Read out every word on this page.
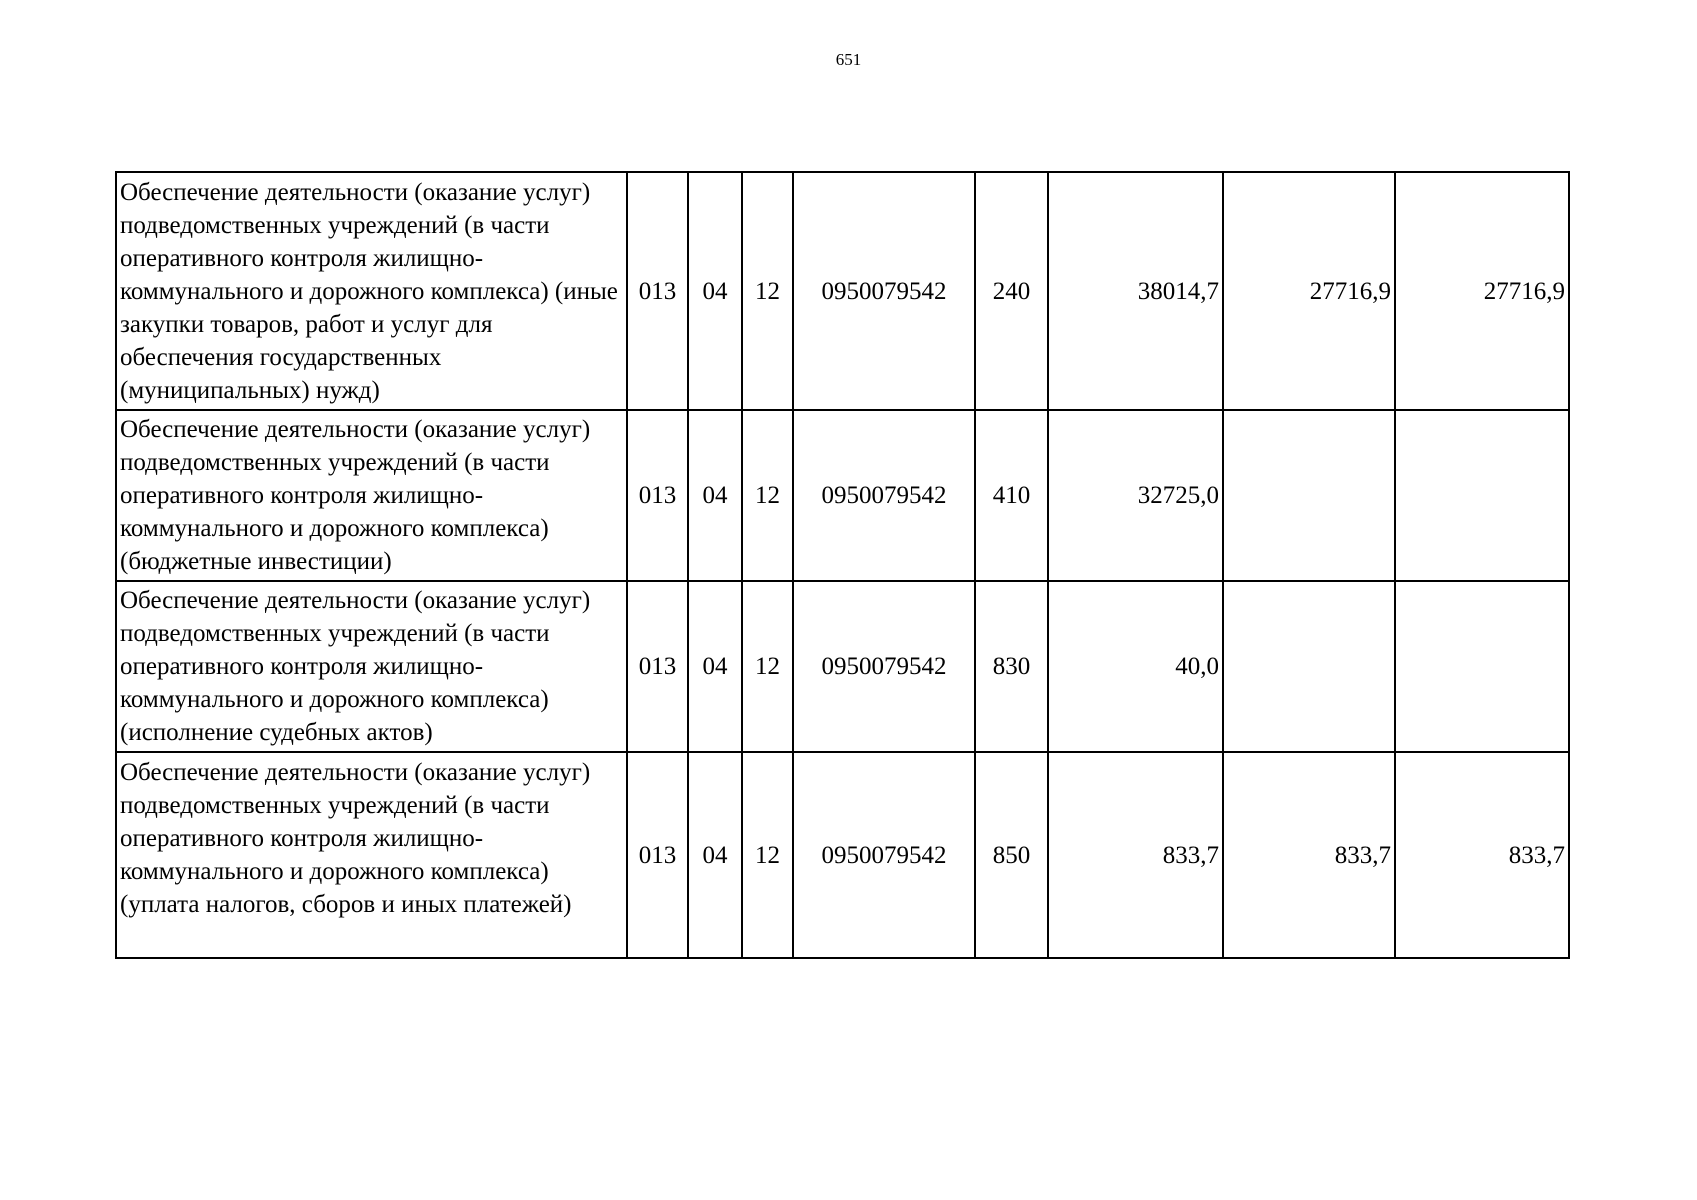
651
Обеспечение деятельности (оказание услуг) подведомственных учреждений (в части оперативного контроля жилищно-коммунального и дорожного комплекса) (иные закупки товаров, работ и услуг для обеспечения государственных (муниципальных) нужд)	013	04	12	0950079542	240	38014,7	27716,9	27716,9
Обеспечение деятельности (оказание услуг) подведомственных учреждений (в части оперативного контроля жилищно-коммунального и дорожного комплекса) (бюджетные инвестиции)	013	04	12	0950079542	410	32725,0		
Обеспечение деятельности (оказание услуг) подведомственных учреждений (в части оперативного контроля жилищно-коммунального и дорожного комплекса) (исполнение судебных актов)	013	04	12	0950079542	830	40,0		
Обеспечение деятельности (оказание услуг) подведомственных учреждений (в части оперативного контроля жилищно-коммунального и дорожного комплекса) (уплата налогов, сборов и иных платежей)	013	04	12	0950079542	850	833,7	833,7	833,7
